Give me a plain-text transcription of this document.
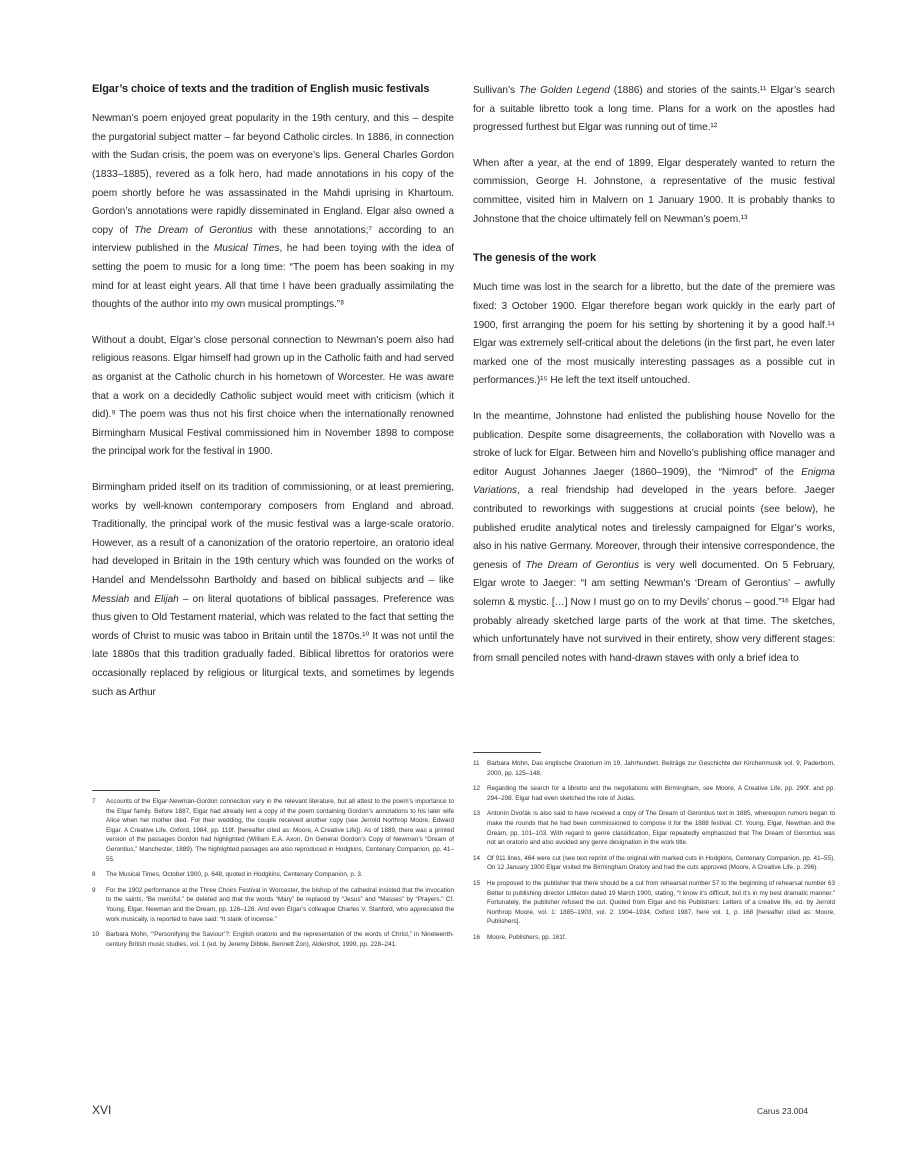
Elgar’s choice of texts and the tradition of English music festivals

Newman’s poem enjoyed great popularity in the 19th century, and this – despite the purgatorial subject matter – far beyond Catholic circles. In 1886, in connection with the Sudan crisis, the poem was on everyone’s lips. General Charles Gordon (1833–1885), revered as a folk hero, had made annotations in his copy of the poem shortly before he was assassinated in the Mahdi uprising in Khartoum. Gordon’s annotations were rapidly disseminated in England. Elgar also owned a copy of The Dream of Gerontius with these annotations;⁷ according to an interview published in the Musical Times, he had been toying with the idea of setting the poem to music for a long time: “The poem has been soaking in my mind for at least eight years. All that time I have been gradually assimilating the thoughts of the author into my own musical promptings.”⁸

Without a doubt, Elgar’s close personal connection to Newman’s poem also had religious reasons. Elgar himself had grown up in the Catholic faith and had served as organist at the Catholic church in his hometown of Worcester. He was aware that a work on a decidedly Catholic subject would meet with criticism (which it did).⁹ The poem was thus not his first choice when the internationally renowned Birmingham Musical Festival commissioned him in November 1898 to compose the principal work for the festival in 1900.

Birmingham prided itself on its tradition of commissioning, or at least premiering, works by well-known contemporary composers from England and abroad. Traditionally, the principal work of the music festival was a large-scale oratorio. However, as a result of a canonization of the oratorio repertoire, an oratorio ideal had developed in Britain in the 19th century which was founded on the works of Handel and Mendelssohn Bartholdy and based on biblical subjects and – like Messiah and Elijah – on literal quotations of biblical passages. Preference was thus given to Old Testament material, which was related to the fact that setting the words of Christ to music was taboo in Britain until the 1870s.¹⁰ It was not until the late 1880s that this tradition gradually faded. Biblical librettos for oratorios were occasionally replaced by religious or liturgical texts, and sometimes by legends such as Arthur

Sullivan’s The Golden Legend (1886) and stories of the saints.¹¹ Elgar’s search for a suitable libretto took a long time. Plans for a work on the apostles had progressed furthest but Elgar was running out of time.¹²

When after a year, at the end of 1899, Elgar desperately wanted to return the commission, George H. Johnstone, a representative of the music festival committee, visited him in Malvern on 1 January 1900. It is probably thanks to Johnstone that the choice ultimately fell on Newman’s poem.¹³

The genesis of the work

Much time was lost in the search for a libretto, but the date of the premiere was fixed: 3 October 1900. Elgar therefore began work quickly in the early part of 1900, first arranging the poem for his setting by shortening it by a good half.¹⁴ Elgar was extremely self-critical about the deletions (in the first part, he even later marked one of the most musically interesting passages as a possible cut in performances.)¹⁵ He left the text itself untouched.

In the meantime, Johnstone had enlisted the publishing house Novello for the publication. Despite some disagreements, the collaboration with Novello was a stroke of luck for Elgar. Between him and Novello’s publishing office manager and editor August Johannes Jaeger (1860–1909), the “Nimrod” of the Enigma Variations, a real friendship had developed in the years before. Jaeger contributed to reworkings with suggestions at crucial points (see below), he published erudite analytical notes and tirelessly campaigned for Elgar’s works, also in his native Germany. Moreover, through their intensive correspondence, the genesis of The Dream of Gerontius is very well documented. On 5 February, Elgar wrote to Jaeger: “I am setting Newman’s ‘Dream of Gerontius’ – awfully solemn & mystic. […] Now I must go on to my Devils’ chorus – good.”¹⁶ Elgar had probably already sketched large parts of the work at that time. The sketches, which unfortunately have not survived in their entirety, show very different stages: from small penciled notes with hand-drawn staves with only a brief idea to

7	Accounts of the Elgar-Newman-Gordon connection vary in the relevant literature, but all attest to the poem’s importance to the Elgar family. Before 1887, Elgar had already lent a copy of the poem containing Gordon’s annotations to his later wife Alice when her mother died. For their wedding, the couple received another copy (see Jerrold Northrop Moore, Edward Elgar. A Creative Life, Oxford, 1984, pp. 119f. [hereafter cited as: Moore, A Creative Life]). As of 1889, there was a printed version of the passages Gordon had highlighted (William E.A. Axon, On General Gordon’s Copy of Newman’s “Dream of Gerontius,” Manchester, 1889). The highlighted passages are also reproduced in Hodgkins, Centenary Companion, pp. 41–55.
8	The Musical Times, October 1900, p. 648, quoted in Hodgkins, Centenary Companion, p. 3.
9	For the 1902 performance at the Three Choirs Festival in Worcester, the bishop of the cathedral insisted that the invocation to the saints, “Be merciful,” be deleted and that the words “Mary” be replaced by “Jesus” and “Masses” by “Prayers.” Cf. Young, Elgar, Newman and the Dream, pp. 126–128. And even Elgar’s colleague Charles V. Stanford, who appreciated the work musically, is reported to have said: “It stank of incense.”
10	Barbara Mohn, “‘Personifying the Saviour’?: English oratorio and the representation of the words of Christ,” in Nineteenth-century British music studies, vol. 1 (ed. by Jeremy Dibble, Bennett Zon), Aldershot, 1999, pp. 228–241.
11	Barbara Mohn, Das englische Oratorium im 19. Jahrhundert, Beiträge zur Geschichte der Kirchenmusik vol. 9, Paderborn, 2000, pp. 125–148.
12	Regarding the search for a libretto and the negotiations with Birmingham, see Moore, A Creative Life, pp. 290f. and pp. 294–298. Elgar had even sketched the role of Judas.
13	Antonín Dvořák is also said to have received a copy of The Dream of Gerontius text in 1885, whereupon rumors began to make the rounds that he had been commissioned to compose it for the 1888 festival. Cf. Young, Elgar, Newman and the Dream, pp. 101–103. With regard to genre classification, Elgar repeatedly emphasized that The Dream of Gerontius was not an oratorio and also avoided any genre designation in the work title.
14	Of 911 lines, 464 were cut (see text reprint of the original with marked cuts in Hodgkins, Centenary Companion, pp. 41–55). On 12 January 1900 Elgar visited the Birmingham Oratory and had the cuts approved (Moore, A Creative Life, p. 296).
15	He proposed to the publisher that there should be a cut from rehearsal number 57 to the beginning of rehearsal number 63 Better to publishing director Littleton dated 19 March 1900, stating, “I know it’s difficult, but it’s in my best dramatic manner.” Fortunately, the publisher refused the cut. Quoted from Elgar and his Publishers: Letters of a creative life, ed. by Jerrold Northrop Moore, vol. 1: 1885–1903, vol. 2: 1904–1934, Oxford 1987, here vol. 1, p. 168 [hereafter cited as: Moore, Publishers].
16	Moore, Publishers, pp. 161f.
XVI	Carus 23.004
